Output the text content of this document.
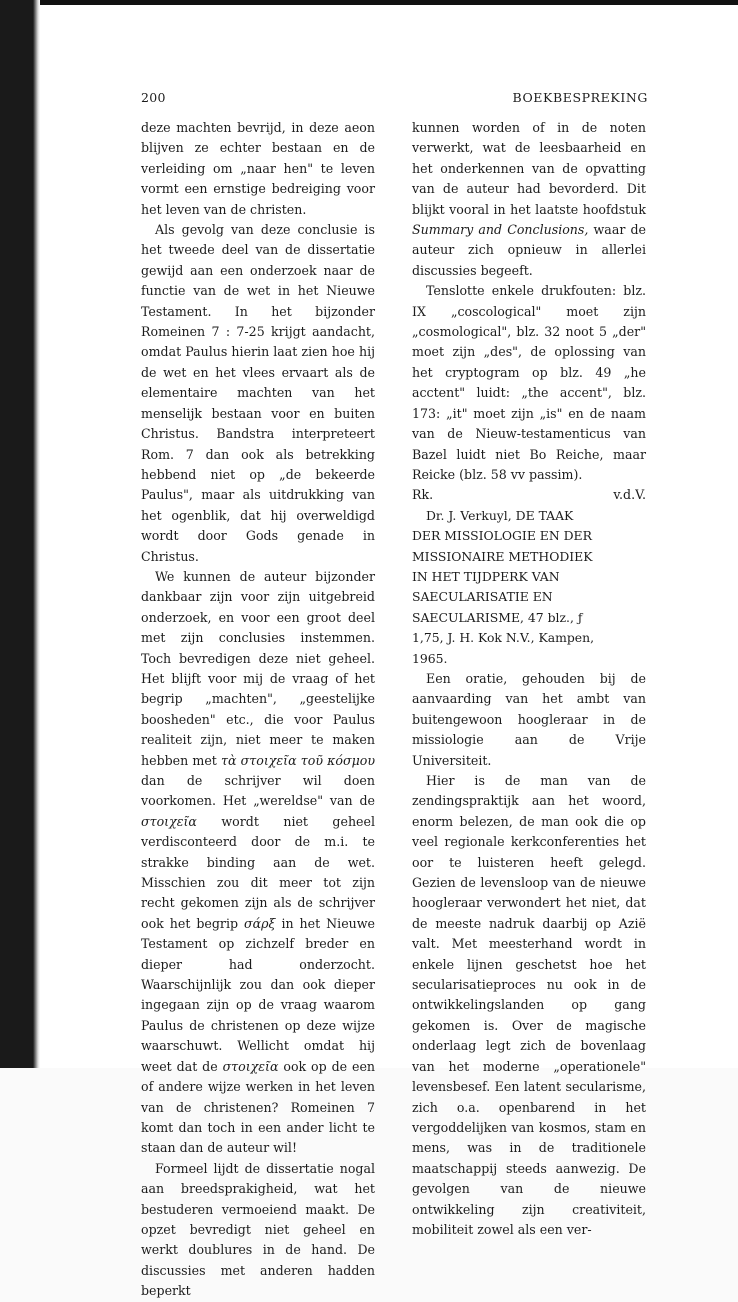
200	BOEKBESPREKING

deze machten bevrijd, in deze aeon blijven ze echter bestaan en de verleiding om „naar hen" te leven vormt een ernstige bedreiging voor het leven van de christen.

Als gevolg van deze conclusie is het tweede deel van de dissertatie gewijd aan een onderzoek naar de functie van de wet in het Nieuwe Testament. In het bijzonder Romeinen 7 : 7-25 krijgt aandacht, omdat Paulus hierin laat zien hoe hij de wet en het vlees ervaart als de elementaire machten van het menselijk bestaan voor en buiten Christus. Bandstra interpreteert Rom. 7 dan ook als betrekking hebbend niet op „de bekeerde Paulus", maar als uitdrukking van het ogenblik, dat hij overweldigd wordt door Gods genade in Christus.

We kunnen de auteur bijzonder dankbaar zijn voor zijn uitgebreid onderzoek, en voor een groot deel met zijn conclusies instemmen. Toch bevredigen deze niet geheel. Het blijft voor mij de vraag of het begrip „machten", „geestelijke boosheden" etc., die voor Paulus realiteit zijn, niet meer te maken hebben met τὰ στοιχεῖα τοῦ κόσμου dan de schrijver wil doen voorkomen. Het „wereldse" van de στοιχεῖα wordt niet geheel verdisconteerd door de m.i. te strakke binding aan de wet. Misschien zou dit meer tot zijn recht gekomen zijn als de schrijver ook het begrip σάρξ in het Nieuwe Testament op zichzelf breder en dieper had onderzocht. Waarschijnlijk zou dan ook dieper ingegaan zijn op de vraag waarom Paulus de christenen op deze wijze waarschuwt. Wellicht omdat hij weet dat de στοιχεῖα ook op de een of andere wijze werken in het leven van de christenen? Romeinen 7 komt dan toch in een ander licht te staan dan de auteur wil!

Formeel lijdt de dissertatie nogal aan breedsprakigheid, wat het bestuderen vermoeiend maakt. De opzet bevredigt niet geheel en werkt doublures in de hand. De discussies met anderen hadden beperkt

kunnen worden of in de noten verwerkt, wat de leesbaarheid en het onderkennen van de opvatting van de auteur had bevorderd. Dit blijkt vooral in het laatste hoofdstuk Summary and Conclusions, waar de auteur zich opnieuw in allerlei discussies begeeft.

Tenslotte enkele drukfouten: blz. IX „coscological" moet zijn „cosmological", blz. 32 noot 5 „der" moet zijn „des", de oplossing van het cryptogram op blz. 49 „he acctent" luidt: „the accent", blz. 173: „it" moet zijn „is" en de naam van de Nieuw-testamenticus van Bazel luidt niet Bo Reiche, maar Reicke (blz. 58 vv passim).

Rk.	v.d.V.

Dr. J. Verkuyl, DE TAAK DER MISSIOLOGIE EN DER MISSIONAIRE METHODIEK IN HET TIJDPERK VAN SAECULARISATIE EN SAECULARISME, 47 blz., ƒ 1,75, J. H. Kok N.V., Kampen, 1965.

Een oratie, gehouden bij de aanvaarding van het ambt van buitengewoon hoogleraar in de missiologie aan de Vrije Universiteit.

Hier is de man van de zendingspraktijk aan het woord, enorm belezen, de man ook die op veel regionale kerkconferenties het oor te luisteren heeft gelegd. Gezien de levensloop van de nieuwe hoogleraar verwondert het niet, dat de meeste nadruk daarbij op Azië valt. Met meesterhand wordt in enkele lijnen geschetst hoe het secularisatieproces nu ook in de ontwikkelingslanden op gang gekomen is. Over de magische onderlaag legt zich de bovenlaag van het moderne „operationele" levensbesef. Een latent secularisme, zich o.a. openbarend in het vergoddelijken van kosmos, stam en mens, was in de traditionele maatschappij steeds aanwezig. De gevolgen van de nieuwe ontwikkeling zijn creativiteit, mobiliteit zowel als een ver-
